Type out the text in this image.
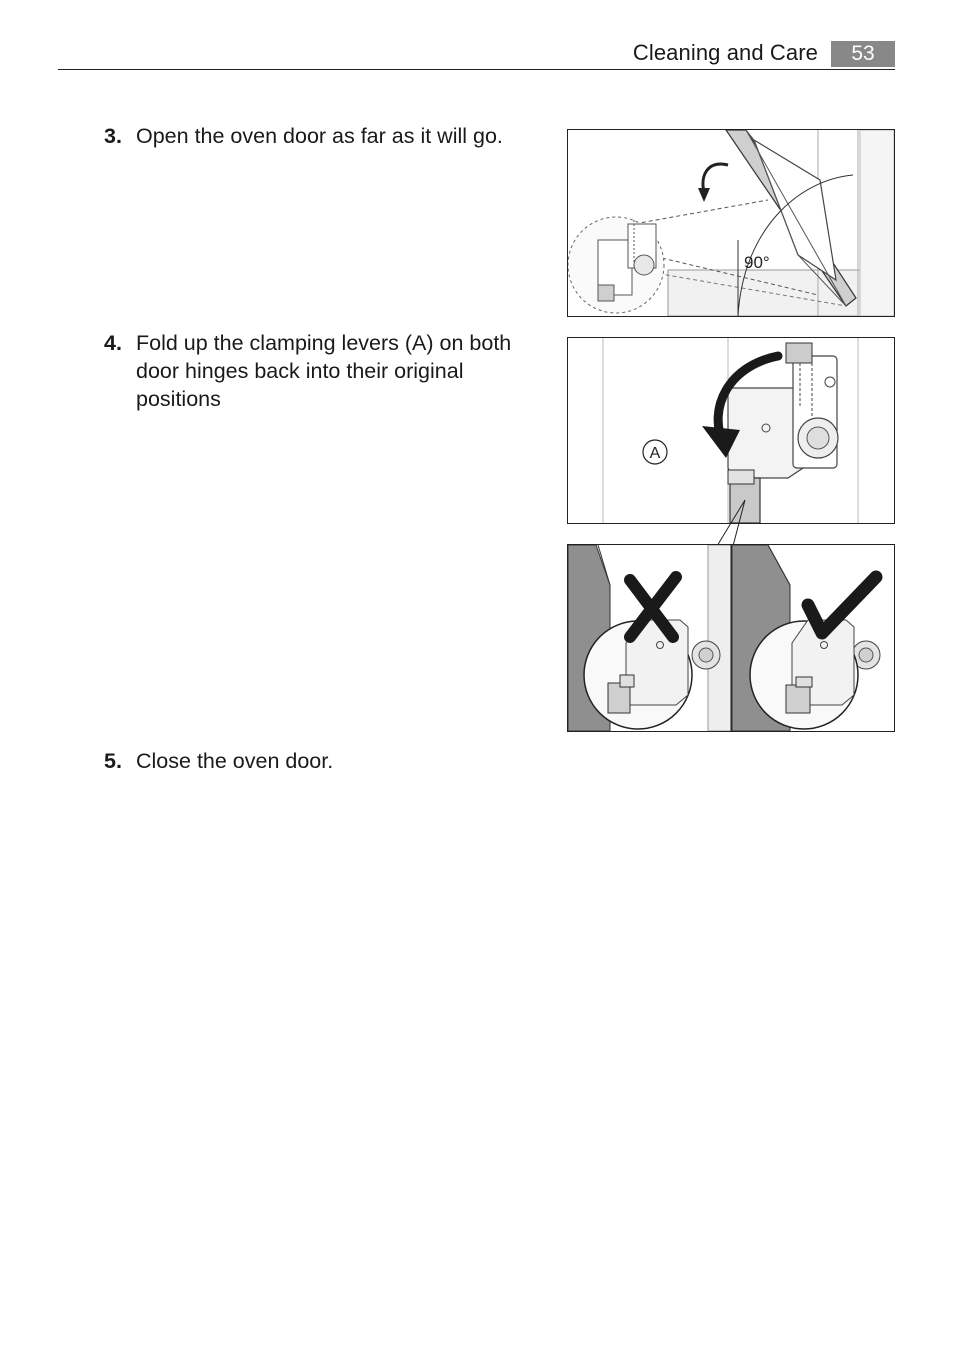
Cleaning and Care	53
3. Open the oven door as far as it will go.
4. Fold up the clamping levers (A) on both door hinges back into their original positions
5. Close the oven door.
90°
A
